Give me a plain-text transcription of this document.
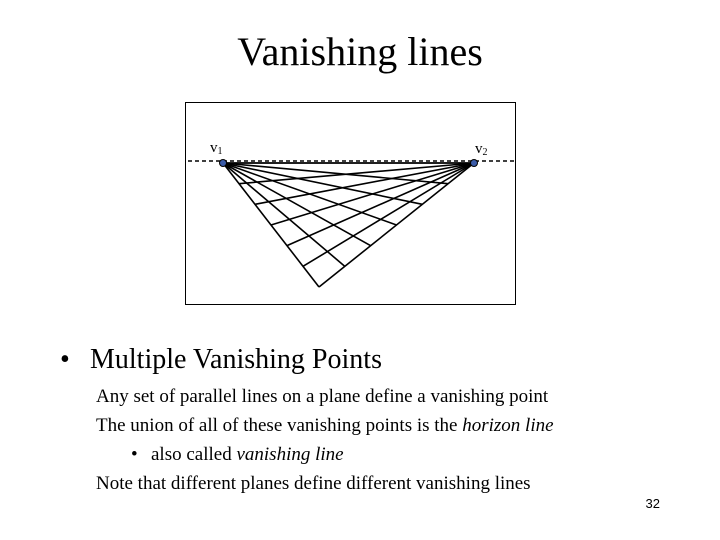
Vanishing lines
$v_1$	$v_2$
• Multiple Vanishing Points
Any set of parallel lines on a plane define a vanishing point
The union of all of these vanishing points is the horizon line
• also called vanishing line
Note that different planes define different vanishing lines
32
